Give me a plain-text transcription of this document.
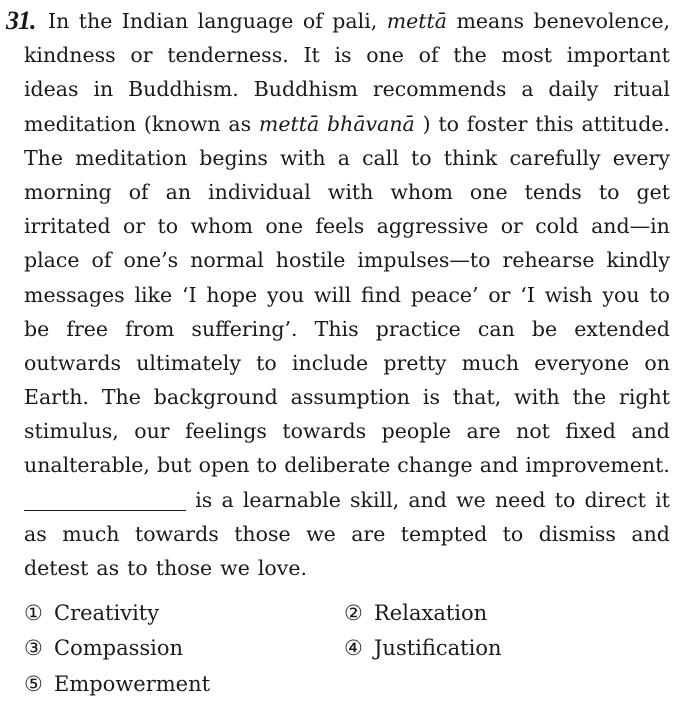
31. In the Indian language of pali, mettā means benevolence,
kindness or tenderness. It is one of the most important
ideas in Buddhism. Buddhism recommends a daily ritual
meditation (known as mettā bhāvanā ) to foster this attitude.
The meditation begins with a call to think carefully every
morning of an individual with whom one tends to get
irritated or to whom one feels aggressive or cold and—in
place of one’s normal hostile impulses—to rehearse kindly
messages like ‘I hope you will find peace’ or ‘I wish you to
be free from suffering’. This practice can be extended
outwards ultimately to include pretty much everyone on
Earth. The background assumption is that, with the right
stimulus, our feelings towards people are not fixed and
unalterable, but open to deliberate change and improvement.
is a learnable skill, and we need to direct it
as much towards those we are tempted to dismiss and
detest as to those we love.
① Creativity	② Relaxation
③ Compassion	④ Justification
⑤ Empowerment
